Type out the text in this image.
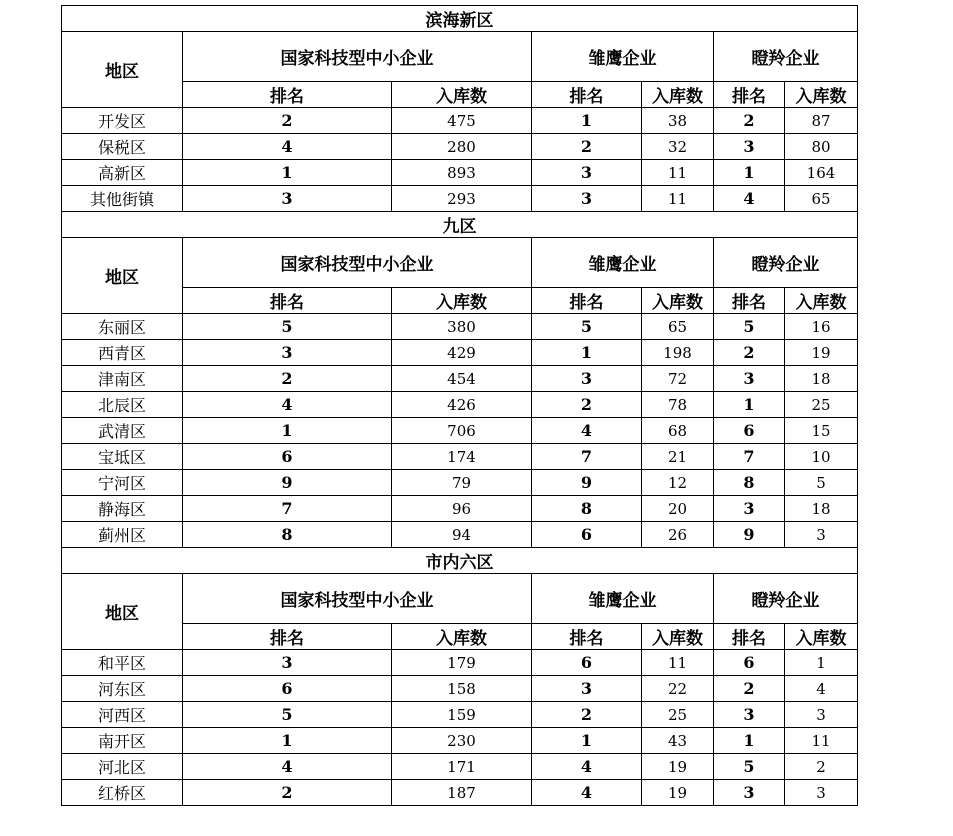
滨海新区						
地区	国家科技型中小企业		雏鹰企业		瞪羚企业	
	排名	入库数	排名	入库数	排名	入库数
开发区	2	475	1	38	2	87
保税区	4	280	2	32	3	80
高新区	1	893	3	11	1	164
其他街镇	3	293	3	11	4	65
九区						
地区	国家科技型中小企业		雏鹰企业		瞪羚企业	
	排名	入库数	排名	入库数	排名	入库数
东丽区	5	380	5	65	5	16
西青区	3	429	1	198	2	19
津南区	2	454	3	72	3	18
北辰区	4	426	2	78	1	25
武清区	1	706	4	68	6	15
宝坻区	6	174	7	21	7	10
宁河区	9	79	9	12	8	5
静海区	7	96	8	20	3	18
蓟州区	8	94	6	26	9	3
市内六区						
地区	国家科技型中小企业		雏鹰企业		瞪羚企业	
	排名	入库数	排名	入库数	排名	入库数
和平区	3	179	6	11	6	1
河东区	6	158	3	22	2	4
河西区	5	159	2	25	3	3
南开区	1	230	1	43	1	11
河北区	4	171	4	19	5	2
红桥区	2	187	4	19	3	3
